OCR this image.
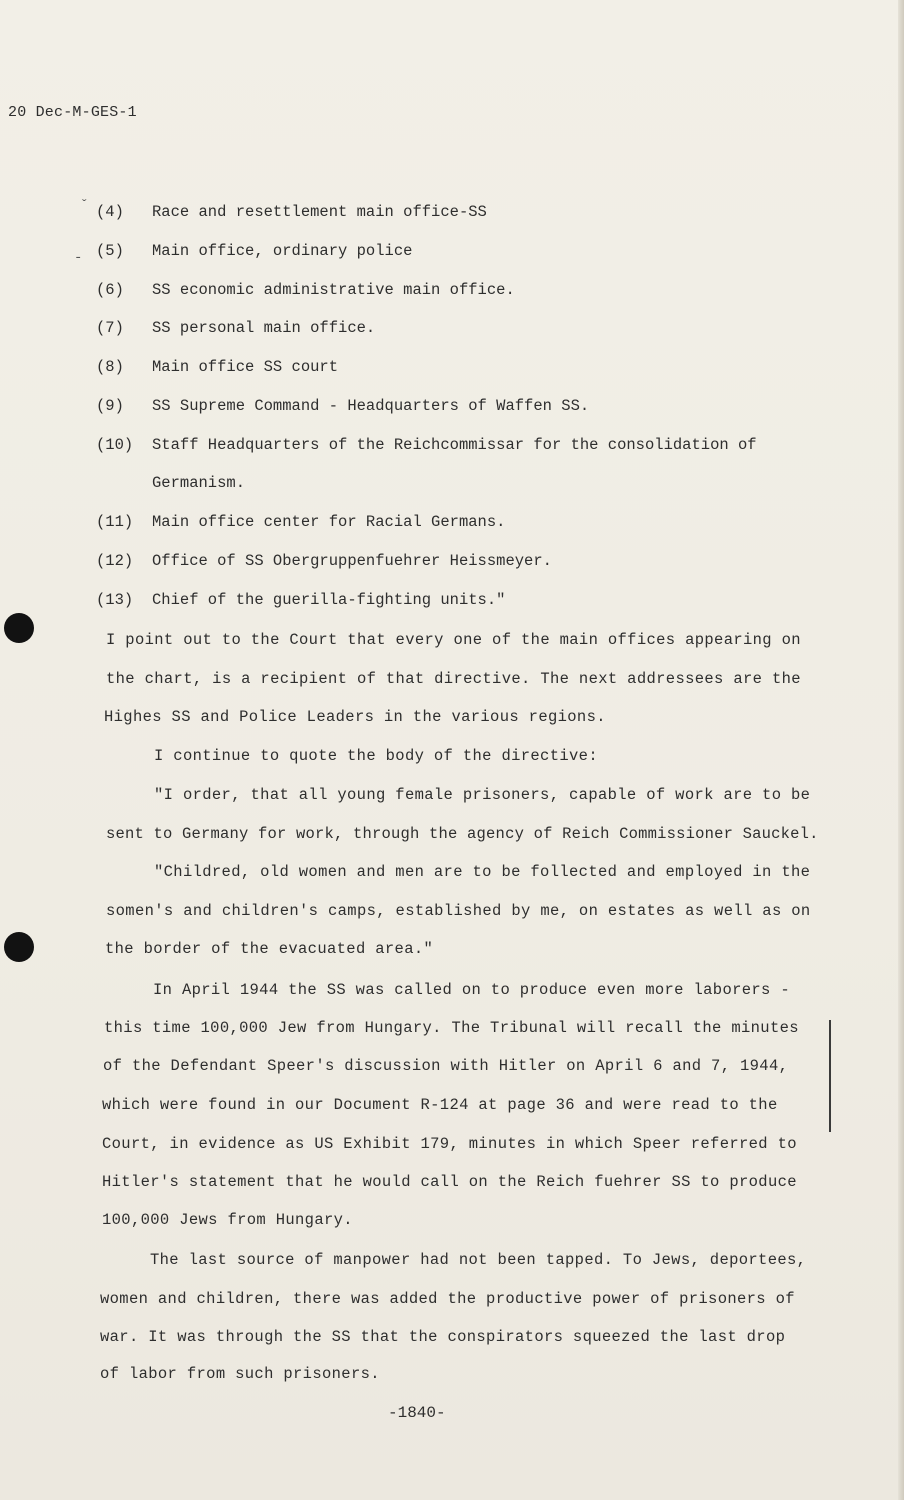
ˇ
-
20 Dec-M-GES-1
(4) Race and resettlement main office-SS
(5) Main office, ordinary police
(6) SS economic administrative main office.
(7) SS personal main office.
(8) Main office SS court
(9) SS Supreme Command - Headquarters of Waffen SS.
(10) Staff Headquarters of the Reichcommissar for the consolidation of
Germanism.
(11) Main office center for Racial Germans.
(12) Office of SS Obergruppenfuehrer Heissmeyer.
(13) Chief of the guerilla-fighting units."
I point out to the Court that every one of the main offices appearing on
the chart, is a recipient of that directive. The next addressees are the
Highes SS and Police Leaders in the various regions.
I continue to quote the body of the directive:
"I order, that all young female prisoners, capable of work are to be
sent to Germany for work, through the agency of Reich Commissioner Sauckel.
"Childred, old women and men are to be follected and employed in the
somen's and children's camps, established by me, on estates as well as on
the border of the evacuated area."
In April 1944 the SS was called on to produce even more laborers -
this time 100,000 Jew from Hungary. The Tribunal will recall the minutes
of the Defendant Speer's discussion with Hitler on April 6 and 7, 1944,
which were found in our Document R-124 at page 36 and were read to the
Court, in evidence as US Exhibit 179, minutes in which Speer referred to
Hitler's statement that he would call on the Reich fuehrer SS to produce
100,000 Jews from Hungary.
The last source of manpower had not been tapped. To Jews, deportees,
women and children, there was added the productive power of prisoners of
war. It was through the SS that the conspirators squeezed the last drop
of labor from such prisoners.
-1840-
